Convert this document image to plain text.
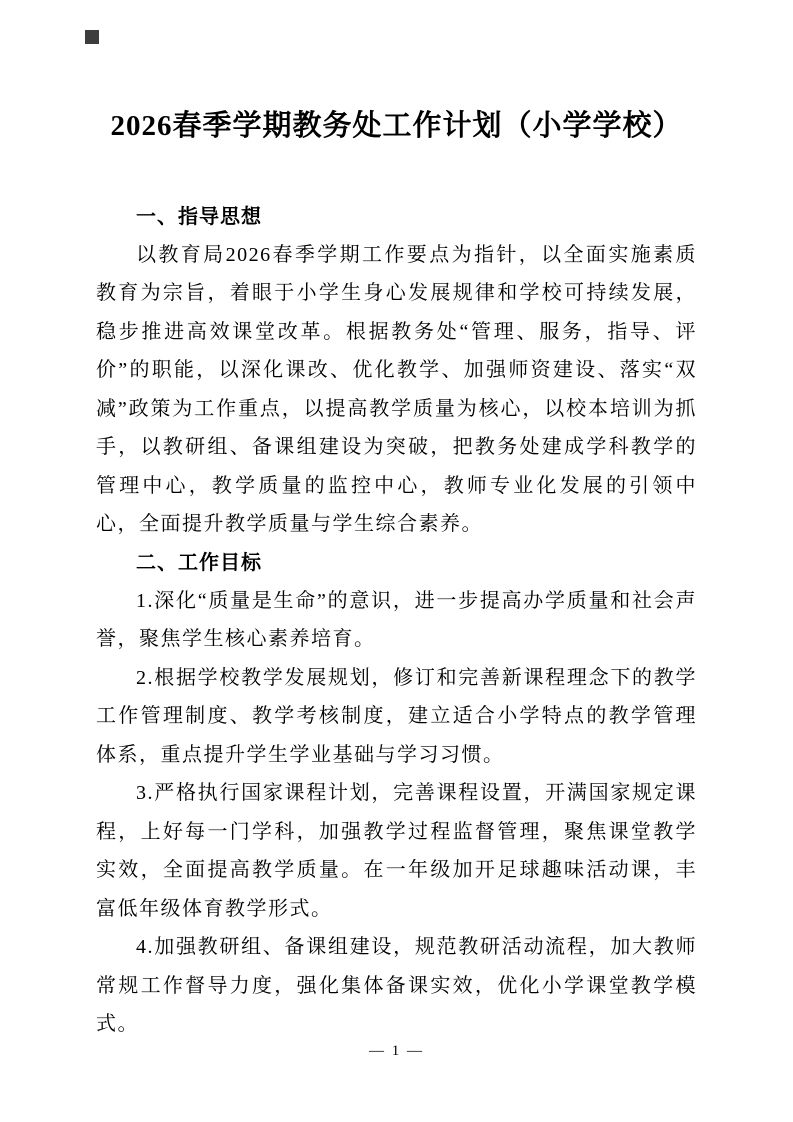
2026春季学期教务处工作计划（小学学校）
一、指导思想

以教育局2026春季学期工作要点为指针，以全面实施素质教育为宗旨，着眼于小学生身心发展规律和学校可持续发展，稳步推进高效课堂改革。根据教务处“管理、服务，指导、评价”的职能，以深化课改、优化教学、加强师资建设、落实“双减”政策为工作重点，以提高教学质量为核心，以校本培训为抓手，以教研组、备课组建设为突破，把教务处建成学科教学的管理中心，教学质量的监控中心，教师专业化发展的引领中心，全面提升教学质量与学生综合素养。

二、工作目标

1.深化“质量是生命”的意识，进一步提高办学质量和社会声誉，聚焦学生核心素养培育。

2.根据学校教学发展规划，修订和完善新课程理念下的教学工作管理制度、教学考核制度，建立适合小学特点的教学管理体系，重点提升学生学业基础与学习习惯。

3.严格执行国家课程计划，完善课程设置，开满国家规定课程，上好每一门学科，加强教学过程监督管理，聚焦课堂教学实效，全面提高教学质量。在一年级加开足球趣味活动课，丰富低年级体育教学形式。

4.加强教研组、备课组建设，规范教研活动流程，加大教师常规工作督导力度，强化集体备课实效，优化小学课堂教学模式。

— 1 —
